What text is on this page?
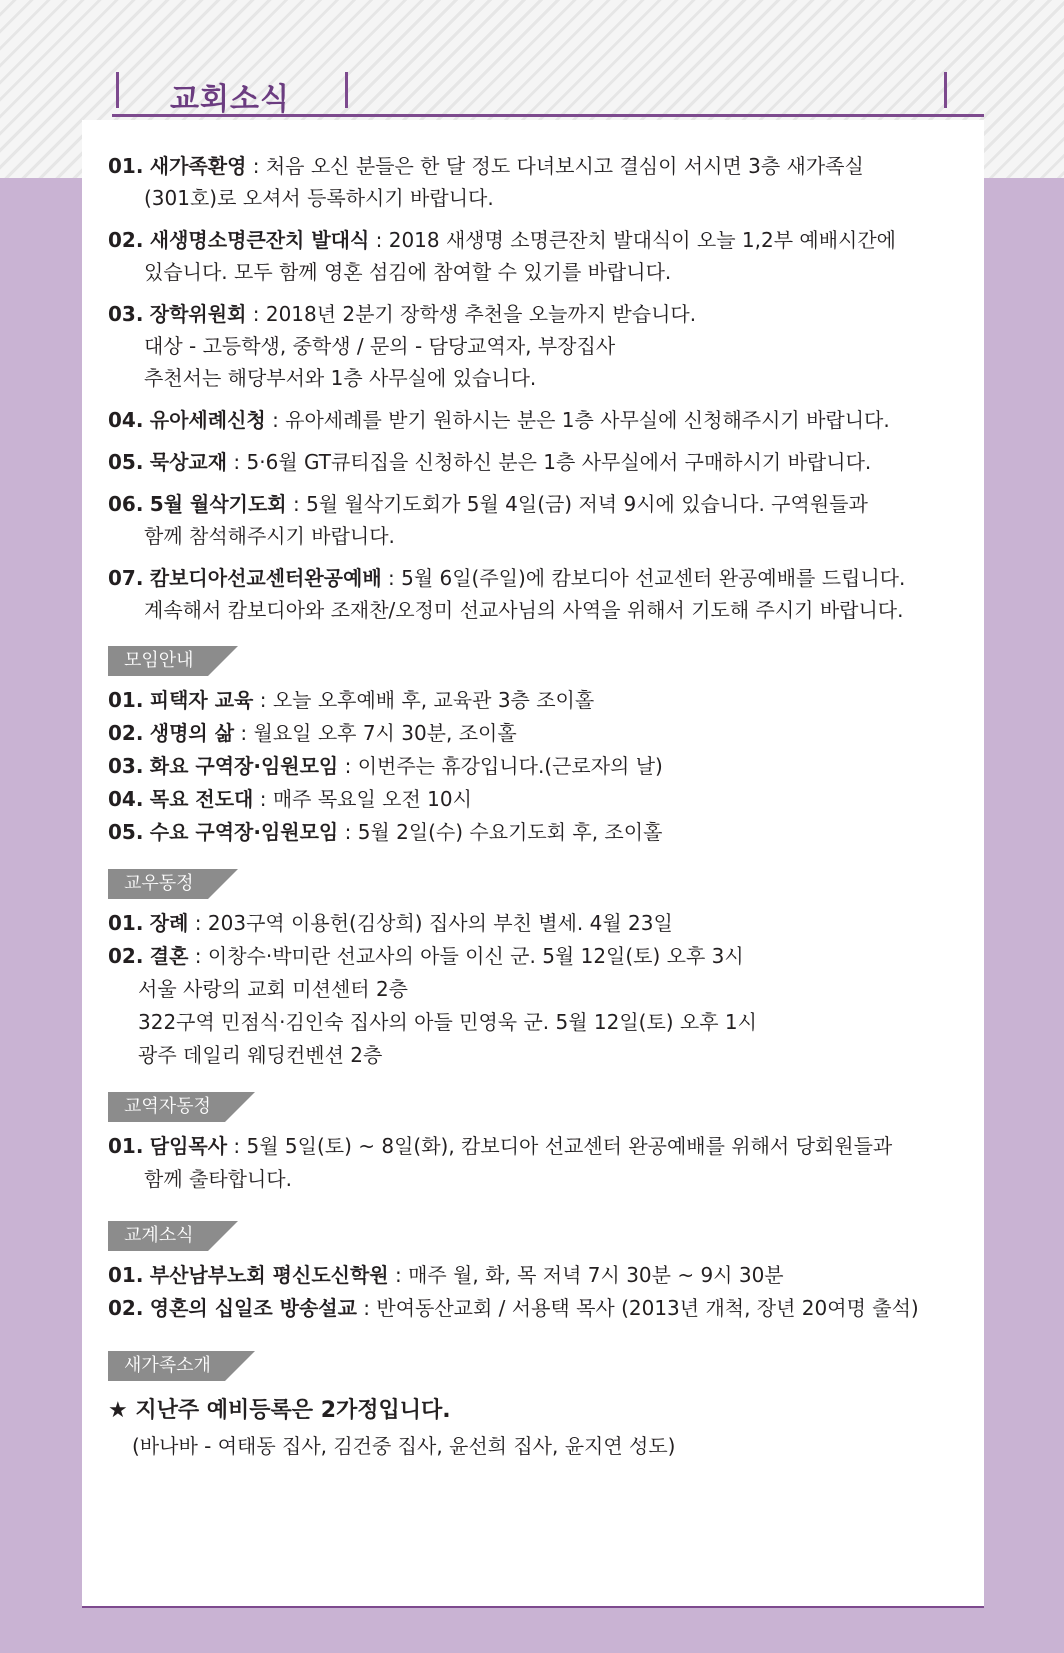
교회소식
01. 새가족환영 : 처음 오신 분들은 한 달 정도 다녀보시고 결심이 서시면 3층 새가족실
(301호)로 오셔서 등록하시기 바랍니다.
02. 새생명소명큰잔치 발대식 : 2018 새생명 소명큰잔치 발대식이 오늘 1,2부 예배시간에
있습니다. 모두 함께 영혼 섬김에 참여할 수 있기를 바랍니다.
03. 장학위원회 : 2018년 2분기 장학생 추천을 오늘까지 받습니다.
대상 - 고등학생, 중학생 / 문의 - 담당교역자, 부장집사
추천서는 해당부서와 1층 사무실에 있습니다.
04. 유아세례신청 : 유아세례를 받기 원하시는 분은 1층 사무실에 신청해주시기 바랍니다.
05. 묵상교재 : 5·6월 GT큐티집을 신청하신 분은 1층 사무실에서 구매하시기 바랍니다.
06. 5월 월삭기도회 : 5월 월삭기도회가 5월 4일(금) 저녁 9시에 있습니다. 구역원들과
함께 참석해주시기 바랍니다.
07. 캄보디아선교센터완공예배 : 5월 6일(주일)에 캄보디아 선교센터 완공예배를 드립니다.
계속해서 캄보디아와 조재찬/오정미 선교사님의 사역을 위해서 기도해 주시기 바랍니다.
모임안내
01. 피택자 교육 : 오늘 오후예배 후, 교육관 3층 조이홀
02. 생명의 삶 : 월요일 오후 7시 30분, 조이홀
03. 화요 구역장·임원모임 : 이번주는 휴강입니다.(근로자의 날)
04. 목요 전도대 : 매주 목요일 오전 10시
05. 수요 구역장·임원모임 : 5월 2일(수) 수요기도회 후, 조이홀
교우동정
01. 장례 : 203구역 이용헌(김상희) 집사의 부친 별세. 4월 23일
02. 결혼 : 이창수·박미란 선교사의 아들 이신 군. 5월 12일(토) 오후 3시
서울 사랑의 교회 미션센터 2층
322구역 민점식·김인숙 집사의 아들 민영욱 군. 5월 12일(토) 오후 1시
광주 데일리 웨딩컨벤션 2층
교역자동정
01. 담임목사 : 5월 5일(토) ~ 8일(화), 캄보디아 선교센터 완공예배를 위해서 당회원들과
함께 출타합니다.
교계소식
01. 부산남부노회 평신도신학원 : 매주 월, 화, 목 저녁 7시 30분 ~ 9시 30분
02. 영혼의 십일조 방송설교 : 반여동산교회 / 서용택 목사 (2013년 개척, 장년 20여명 출석)
새가족소개
★ 지난주 예비등록은 2가정입니다.
(바나바 - 여태동 집사, 김건중 집사, 윤선희 집사, 윤지연 성도)
